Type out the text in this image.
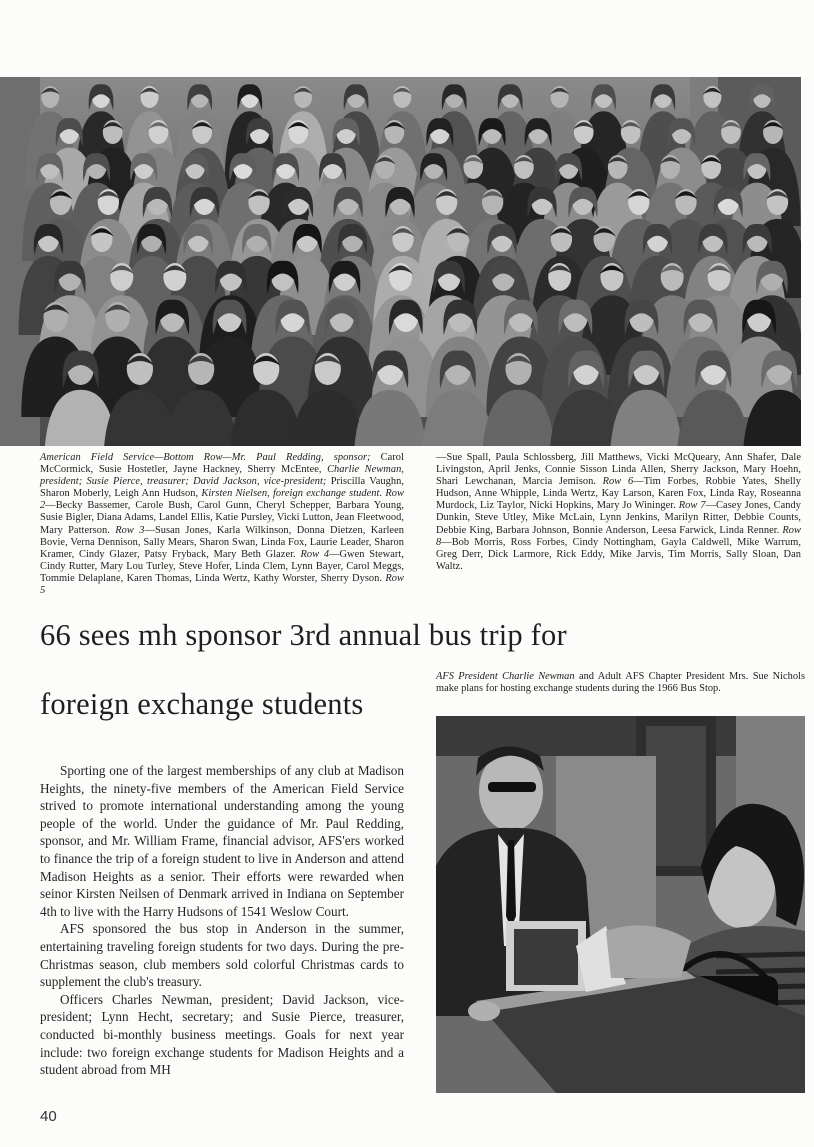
American Field Service—Bottom Row—Mr. Paul Redding, sponsor; Carol McCormick, Susie Hostetler, Jayne Hackney, Sherry McEntee, Charlie Newman, president; Susie Pierce, treasurer; David Jackson, vice-president; Priscilla Vaughn, Sharon Moberly, Leigh Ann Hudson, Kirsten Nielsen, foreign exchange student. Row 2—Becky Bassemer, Carole Bush, Carol Gunn, Cheryl Schepper, Barbara Young, Susie Bigler, Diana Adams, Landel Ellis, Katie Pursley, Vicki Lutton, Jean Fleetwood, Mary Patterson. Row 3—Susan Jones, Karla Wilkinson, Donna Dietzen, Karleen Bovie, Verna Dennison, Sally Mears, Sharon Swan, Linda Fox, Laurie Leader, Sharon Kramer, Cindy Glazer, Patsy Fryback, Mary Beth Glazer. Row 4—Gwen Stewart, Cindy Rutter, Mary Lou Turley, Steve Hofer, Linda Clem, Lynn Bayer, Carol Meggs, Tommie Delaplane, Karen Thomas, Linda Wertz, Kathy Worster, Sherry Dyson. Row 5
—Sue Spall, Paula Schlossberg, Jill Matthews, Vicki McQueary, Ann Shafer, Dale Livingston, April Jenks, Connie Sisson Linda Allen, Sherry Jackson, Mary Hoehn, Shari Lewchanan, Marcia Jemison. Row 6—Tim Forbes, Robbie Yates, Shelly Hudson, Anne Whipple, Linda Wertz, Kay Larson, Karen Fox, Linda Ray, Roseanna Murdock, Liz Taylor, Nicki Hopkins, Mary Jo Wininger. Row 7—Casey Jones, Candy Dunkin, Steve Utley, Mike McLain, Lynn Jenkins, Marilyn Ritter, Debbie Counts, Debbie King, Barbara Johnson, Bonnie Anderson, Leesa Farwick, Linda Renner. Row 8—Bob Morris, Ross Forbes, Cindy Nottingham, Gayla Caldwell, Mike Warrum, Greg Derr, Dick Larmore, Rick Eddy, Mike Jarvis, Tim Morris, Sally Sloan, Dan Waltz.
66 sees mh sponsor 3rd annual bus trip for
foreign exchange students
AFS President Charlie Newman and Adult AFS Chapter President Mrs. Sue Nichols make plans for hosting exchange students during the 1966 Bus Stop.

Sporting one of the largest memberships of any club at Madison Heights, the ninety-five members of the American Field Service strived to promote international understanding among the young people of the world. Under the guidance of Mr. Paul Redding, sponsor, and Mr. William Frame, financial advisor, AFS'ers worked to finance the trip of a foreign student to live in Anderson and attend Madison Heights as a senior. Their efforts were rewarded when seinor Kirsten Neilsen of Denmark arrived in Indiana on September 4th to live with the Harry Hudsons of 1541 Weslow Court.

AFS sponsored the bus stop in Anderson in the summer, entertaining traveling foreign students for two days. During the pre-Christmas season, club members sold colorful Christmas cards to supplement the club's treasury.

Officers Charles Newman, president; David Jackson, vice-president; Lynn Hecht, secretary; and Susie Pierce, treasurer, conducted bi-monthly business meetings. Goals for next year include: two foreign exchange students for Madison Heights and a student abroad from MH

40
